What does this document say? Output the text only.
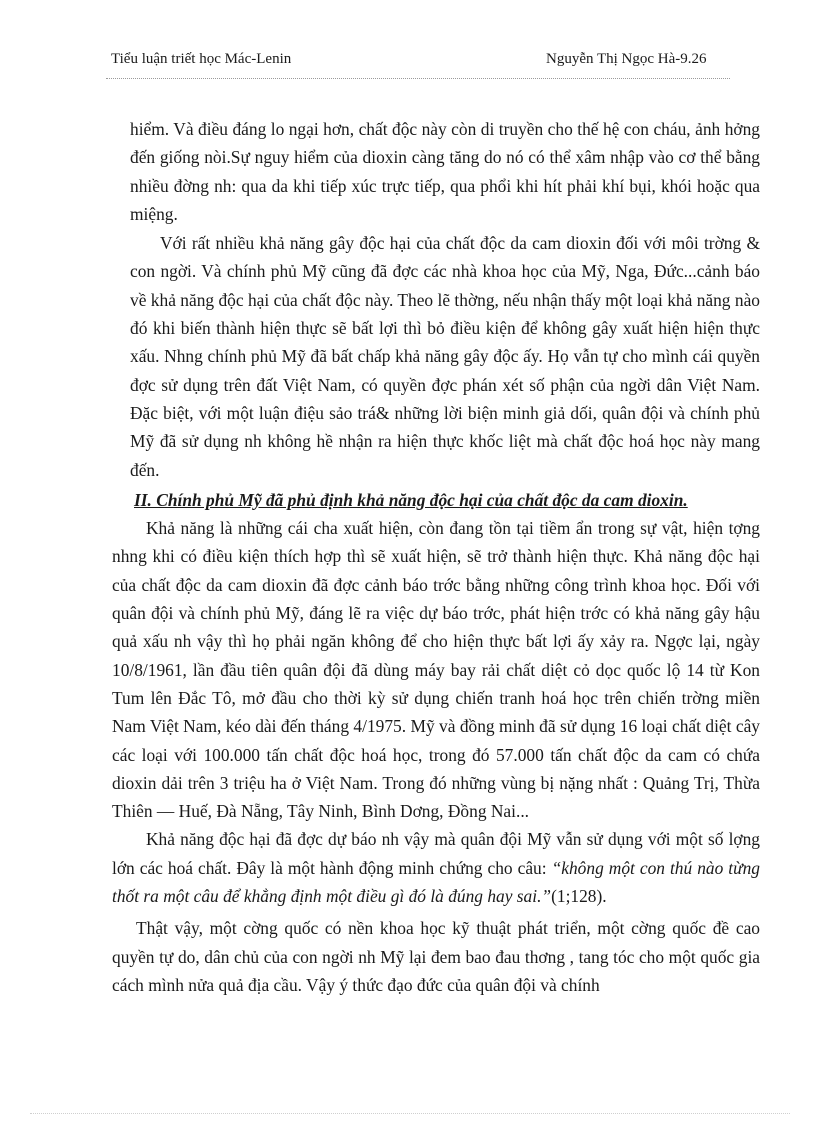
Tiểu luận triết học Mác-Lenin	Nguyễn Thị Ngọc Hà-9.26

hiểm. Và điều đáng lo ngại hơn, chất độc này còn di truyền cho thế hệ con cháu, ảnh hởng đến giống nòi.Sự nguy hiểm của dioxin càng tăng do nó có thể xâm nhập vào cơ thể bằng nhiều đờng nh: qua da khi tiếp xúc trực tiếp, qua phổi khi hít phải khí bụi, khói hoặc qua miệng.

Với rất nhiều khả năng gây độc hại của chất độc da cam dioxin đối với môi trờng & con ngời. Và chính phủ Mỹ cũng đã đợc các nhà khoa học của Mỹ, Nga, Đức...cảnh báo về khả năng độc hại của chất độc này. Theo lẽ thờng, nếu nhận thấy một loại khả năng nào đó khi biến thành hiện thực sẽ bất lợi thì bỏ điều kiện để không gây xuất hiện hiện thực xấu. Nhng chính phủ Mỹ đã bất chấp khả năng gây độc ấy. Họ vẫn tự cho mình cái quyền đợc sử dụng trên đất Việt Nam, có quyền đợc phán xét số phận của ngời dân Việt Nam. Đặc biệt, với một luận điệu sảo trá& những lời biện minh giả dối, quân đội và chính phủ Mỹ đã sử dụng nh không hề nhận ra hiện thực khốc liệt mà chất độc hoá học này mang đến.

II. Chính phủ Mỹ đã phủ định khả năng độc hại của chất độc da cam dioxin.

Khả năng là những cái cha xuất hiện, còn đang tồn tại tiềm ẩn trong sự vật, hiện tợng nhng khi có điều kiện thích hợp thì sẽ xuất hiện, sẽ trở thành hiện thực. Khả năng độc hại của chất độc da cam dioxin đã đợc cảnh báo trớc bằng những công trình khoa học. Đối với quân đội và chính phủ Mỹ, đáng lẽ ra việc dự báo trớc, phát hiện trớc có khả năng gây hậu quả xấu nh vậy thì họ phải ngăn không để cho hiện thực bất lợi ấy xảy ra. Ngợc lại, ngày 10/8/1961, lần đầu tiên quân đội đã dùng máy bay rải chất diệt cỏ dọc quốc lộ 14 từ Kon Tum lên Đắc Tô, mở đầu cho thời kỳ sử dụng chiến tranh hoá học trên chiến trờng miền Nam Việt Nam, kéo dài đến tháng 4/1975. Mỹ và đồng minh đã sử dụng 16 loại chất diệt cây các loại với 100.000 tấn chất độc hoá học, trong đó 57.000 tấn chất độc da cam có chứa dioxin dải trên 3 triệu ha ở Việt Nam. Trong đó những vùng bị nặng nhất : Quảng Trị, Thừa Thiên — Huế, Đà Nẵng, Tây Ninh, Bình Dơng, Đồng Nai...

Khả năng độc hại đã đợc dự báo nh vậy mà quân đội Mỹ vẫn sử dụng với một số lợng lớn các hoá chất. Đây là một hành động minh chứng cho câu: “không một con thú nào từng thốt ra một câu để khẳng định một điều gì đó là đúng hay sai.”(1;128).

Thật vậy, một cờng quốc có nền khoa học kỹ thuật phát triển, một cờng quốc đề cao quyền tự do, dân chủ của con ngời nh Mỹ lại đem bao đau thơng , tang tóc cho một quốc gia cách mình nửa quả địa cầu. Vậy ý thức đạo đức của quân đội và chính
